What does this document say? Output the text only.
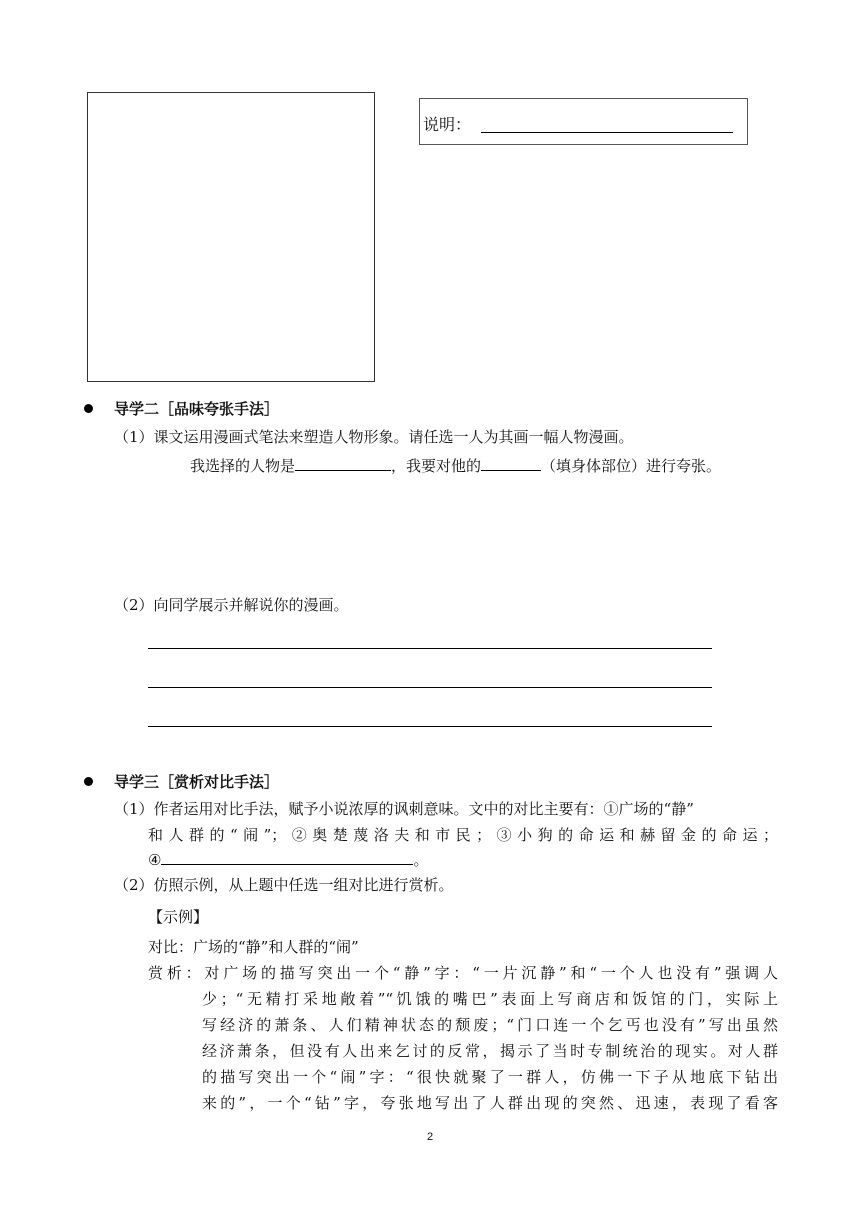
说明：
导学二［品味夸张手法］
（1）课文运用漫画式笔法来塑造人物形象。请任选一人为其画一幅人物漫画。
我选择的人物是	，我要对他的	（填身体部位）进行夸张。
（2）向同学展示并解说你的漫画。
导学三［赏析对比手法］
（1）作者运用对比手法，赋予小说浓厚的讽刺意味。文中的对比主要有：①广场的“静”
和人群的“闹”；②奥楚蔑洛夫和市民；③小狗的命运和赫留金的命运；
④	。
（2）仿照示例，从上题中任选一组对比进行赏析。
【示例】
对比：广场的“静”和人群的“闹”
赏析：对广场的描写突出一个“静”字：“一片沉静”和“一个人也没有”强调人
少；“无精打采地敞着”“饥饿的嘴巴”表面上写商店和饭馆的门，实际上
写经济的萧条、人们精神状态的颓废；“门口连一个乞丐也没有”写出虽然
经济萧条，但没有人出来乞讨的反常，揭示了当时专制统治的现实。对人群
的描写突出一个“闹”字：“很快就聚了一群人，仿佛一下子从地底下钻出
来的”，一个“钻”字，夸张地写出了人群出现的突然、迅速，表现了看客
2
